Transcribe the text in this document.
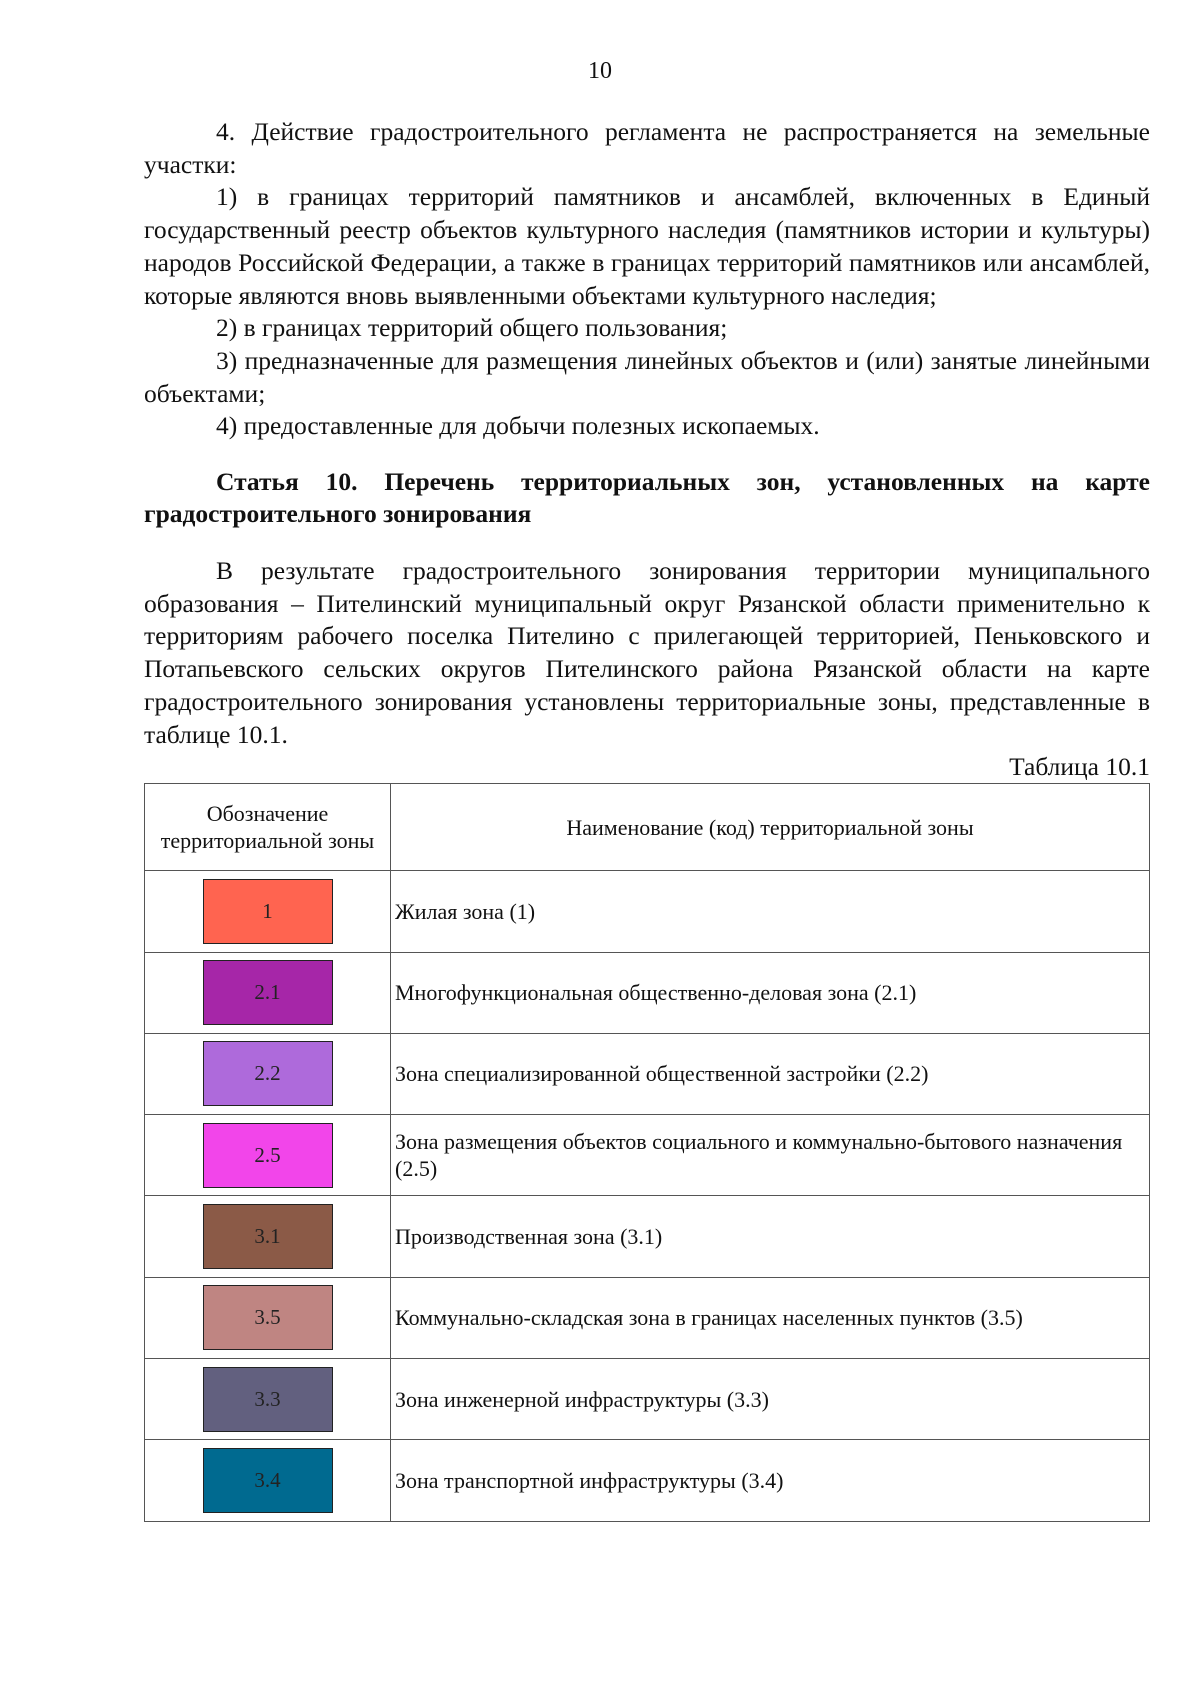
10

4. Действие градостроительного регламента не распространяется на земельные участки:

1) в границах территорий памятников и ансамблей, включенных в Единый государственный реестр объектов культурного наследия (памятников истории и культуры) народов Российской Федерации, а также в границах территорий памятников или ансамблей, которые являются вновь выявленными объектами культурного наследия;

2) в границах территорий общего пользования;

3) предназначенные для размещения линейных объектов и (или) занятые линейными объектами;

4) предоставленные для добычи полезных ископаемых.

Статья 10. Перечень территориальных зон, установленных на карте градостроительного зонирования

В результате градостроительного зонирования территории муниципального образования – Пителинский муниципальный округ Рязанской области применительно к территориям рабочего поселка Пителино с прилегающей территорией, Пеньковского и Потапьевского сельских округов Пителинского района Рязанской области на карте градостроительного зонирования установлены территориальные зоны, представленные в таблице 10.1.

Таблица 10.1
Обозначение территориальной зоны	Наименование (код) территориальной зоны

1	Жилая зона (1)

2.1	Многофункциональная общественно-деловая зона (2.1)

2.2	Зона специализированной общественной застройки (2.2)

2.5	Зона размещения объектов социального и коммунально-бытового назначения (2.5)

3.1	Производственная зона (3.1)

3.5	Коммунально-складская зона в границах населенных пунктов (3.5)

3.3	Зона инженерной инфраструктуры (3.3)

3.4	Зона транспортной инфраструктуры (3.4)
